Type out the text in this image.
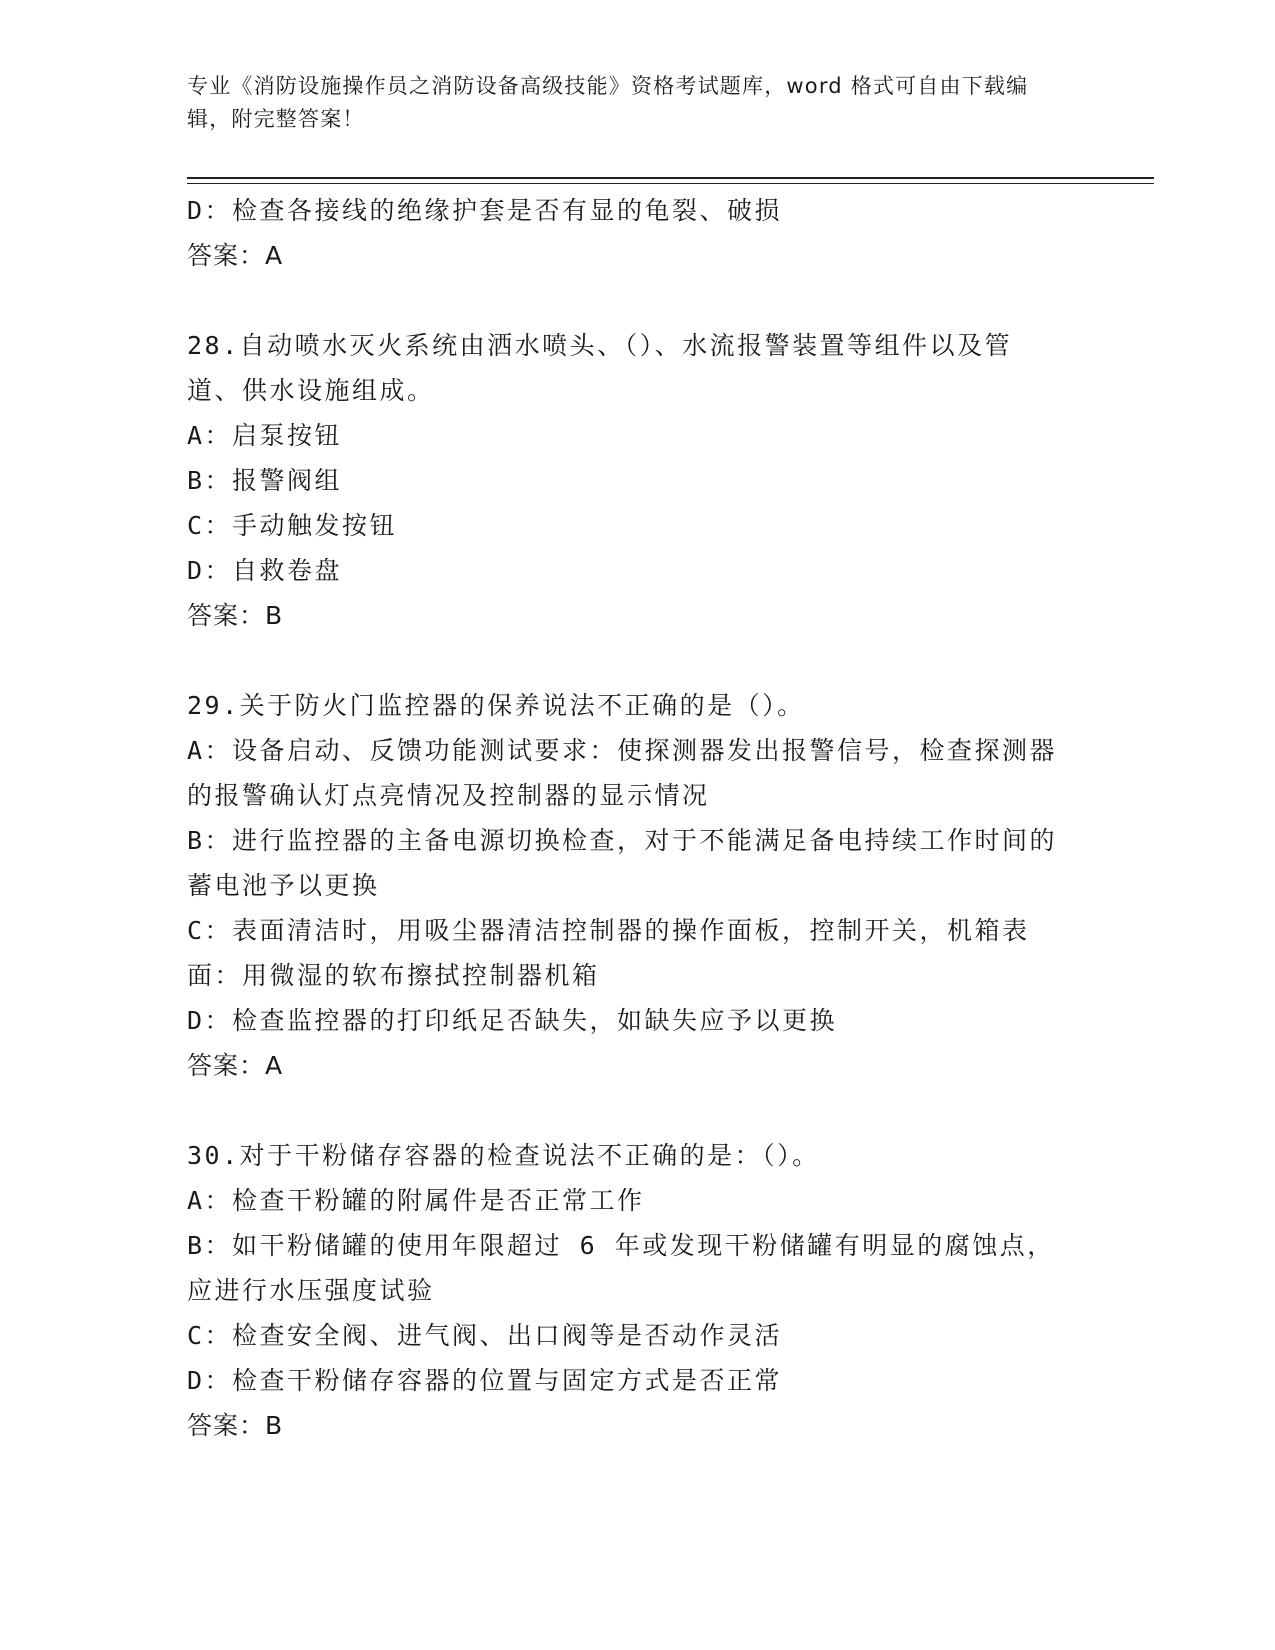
专业《消防设施操作员之消防设备高级技能》资格考试题库，word 格式可自由下载编辑，附完整答案！
D：检查各接线的绝缘护套是否有显的龟裂、破损
答案：A
28.自动喷水灭火系统由洒水喷头、（）、水流报警装置等组件以及管道、供水设施组成。
A：启泵按钮
B：报警阀组
C：手动触发按钮
D：自救卷盘
答案：B
29.关于防火门监控器的保养说法不正确的是（）。
A：设备启动、反馈功能测试要求：使探测器发出报警信号，检查探测器的报警确认灯点亮情况及控制器的显示情况
B：进行监控器的主备电源切换检查，对于不能满足备电持续工作时间的蓄电池予以更换
C：表面清洁时，用吸尘器清洁控制器的操作面板，控制开关，机箱表面：用微湿的软布擦拭控制器机箱
D：检查监控器的打印纸足否缺失，如缺失应予以更换
答案：A
30.对于干粉储存容器的检查说法不正确的是：（）。
A：检查干粉罐的附属件是否正常工作
B：如干粉储罐的使用年限超过 6 年或发现干粉储罐有明显的腐蚀点，应进行水压强度试验
C：检查安全阀、进气阀、出口阀等是否动作灵活
D：检查干粉储存容器的位置与固定方式是否正常
答案：B
